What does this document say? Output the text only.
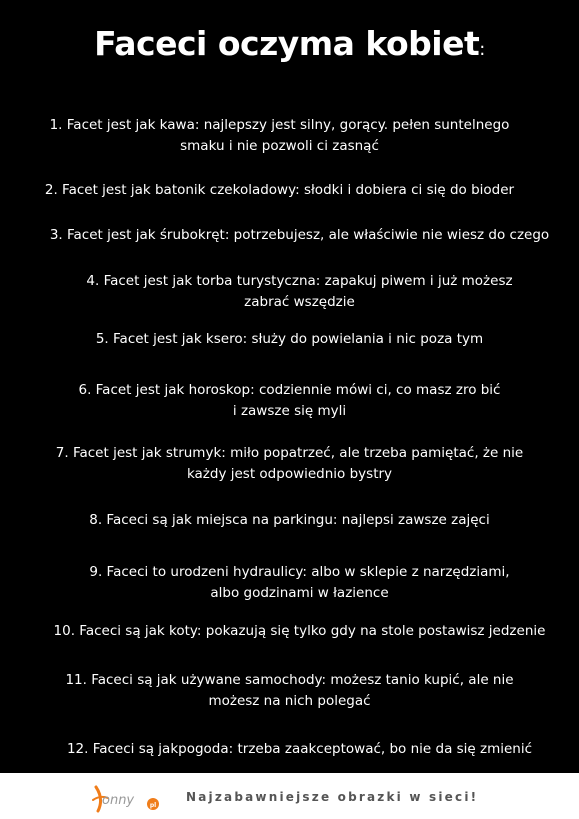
Faceci oczyma kobiet:
1. Facet jest jak kawa: najlepszy jest silny, gorący. pełen suntelnego
smaku i nie pozwoli ci zasnąć
2. Facet jest jak batonik czekoladowy: słodki i dobiera ci się do bioder
3. Facet jest jak śrubokręt: potrzebujesz, ale właściwie nie wiesz do czego
4. Facet jest jak torba turystyczna: zapakuj piwem i już możesz
zabrać wszędzie
5. Facet jest jak ksero: służy do powielania i nic poza tym
6. Facet jest jak horoskop: codziennie mówi ci, co masz zro bić
i zawsze się myli
7. Facet jest jak strumyk: miło popatrzeć, ale trzeba pamiętać, że nie
każdy jest odpowiednio bystry
8. Faceci są jak miejsca na parkingu: najlepsi zawsze zajęci
9. Faceci to urodzeni hydraulicy: albo w sklepie z narzędziami,
albo godzinami w łazience
10. Faceci są jak koty: pokazują się tylko gdy na stole postawisz jedzenie
11. Faceci są jak używane samochody: możesz tanio kupić, ale nie
możesz na nich polegać
12. Faceci są jakpogoda: trzeba zaakceptować, bo nie da się zmienić
onny	pl
Najzabawniejsze obrazki w sieci!
